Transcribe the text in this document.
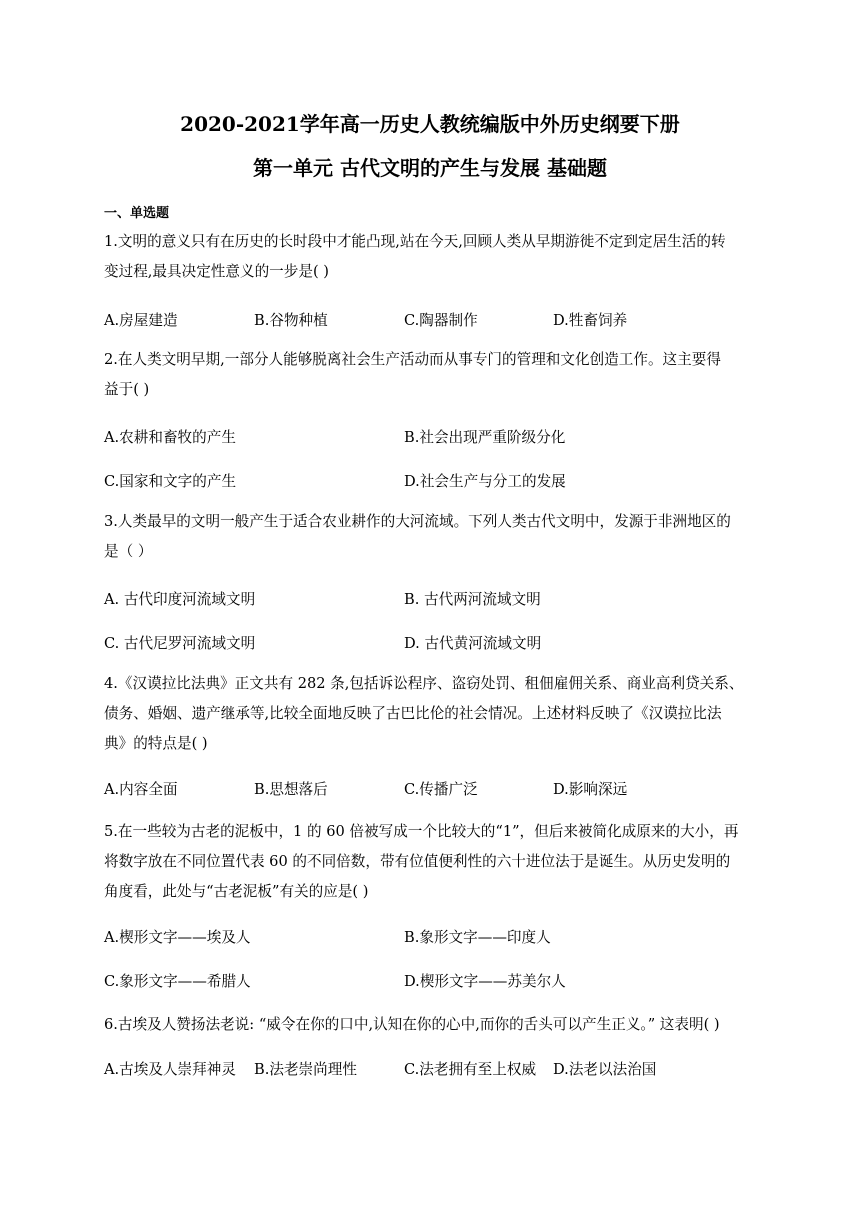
2020-2021学年高一历史人教统编版中外历史纲要下册
第一单元 古代文明的产生与发展 基础题
一、单选题
1.文明的意义只有在历史的长时段中才能凸现,站在今天,回顾人类从早期游徙不定到定居生活的转
变过程,最具决定性意义的一步是( )
A.房屋建造	B.谷物种植	C.陶器制作	D.牲畜饲养
2.在人类文明早期,一部分人能够脱离社会生产活动而从事专门的管理和文化创造工作。这主要得
益于( )
A.农耕和畜牧的产生	B.社会出现严重阶级分化
C.国家和文字的产生	D.社会生产与分工的发展
3.人类最早的文明一般产生于适合农业耕作的大河流域。下列人类古代文明中，发源于非洲地区的
是（ ）
A. 古代印度河流域文明	B. 古代两河流域文明
C. 古代尼罗河流域文明	D. 古代黄河流域文明
4.《汉谟拉比法典》正文共有 282 条,包括诉讼程序、盗窃处罚、租佃雇佣关系、商业高利贷关系、
债务、婚姻、遗产继承等,比较全面地反映了古巴比伦的社会情况。上述材料反映了《汉谟拉比法
典》的特点是( )
A.内容全面	B.思想落后	C.传播广泛	D.影响深远
5.在一些较为古老的泥板中，1 的 60 倍被写成一个比较大的“1”，但后来被简化成原来的大小，再
将数字放在不同位置代表 60 的不同倍数，带有位值便利性的六十进位法于是诞生。从历史发明的
角度看，此处与“古老泥板”有关的应是( )
A.楔形文字——埃及人	B.象形文字——印度人
C.象形文字——希腊人	D.楔形文字——苏美尔人
6.古埃及人赞扬法老说: “威令在你的口中,认知在你的心中,而你的舌头可以产生正义。” 这表明( )
A.古埃及人崇拜神灵 B.法老崇尚理性	C.法老拥有至上权威 D.法老以法治国
